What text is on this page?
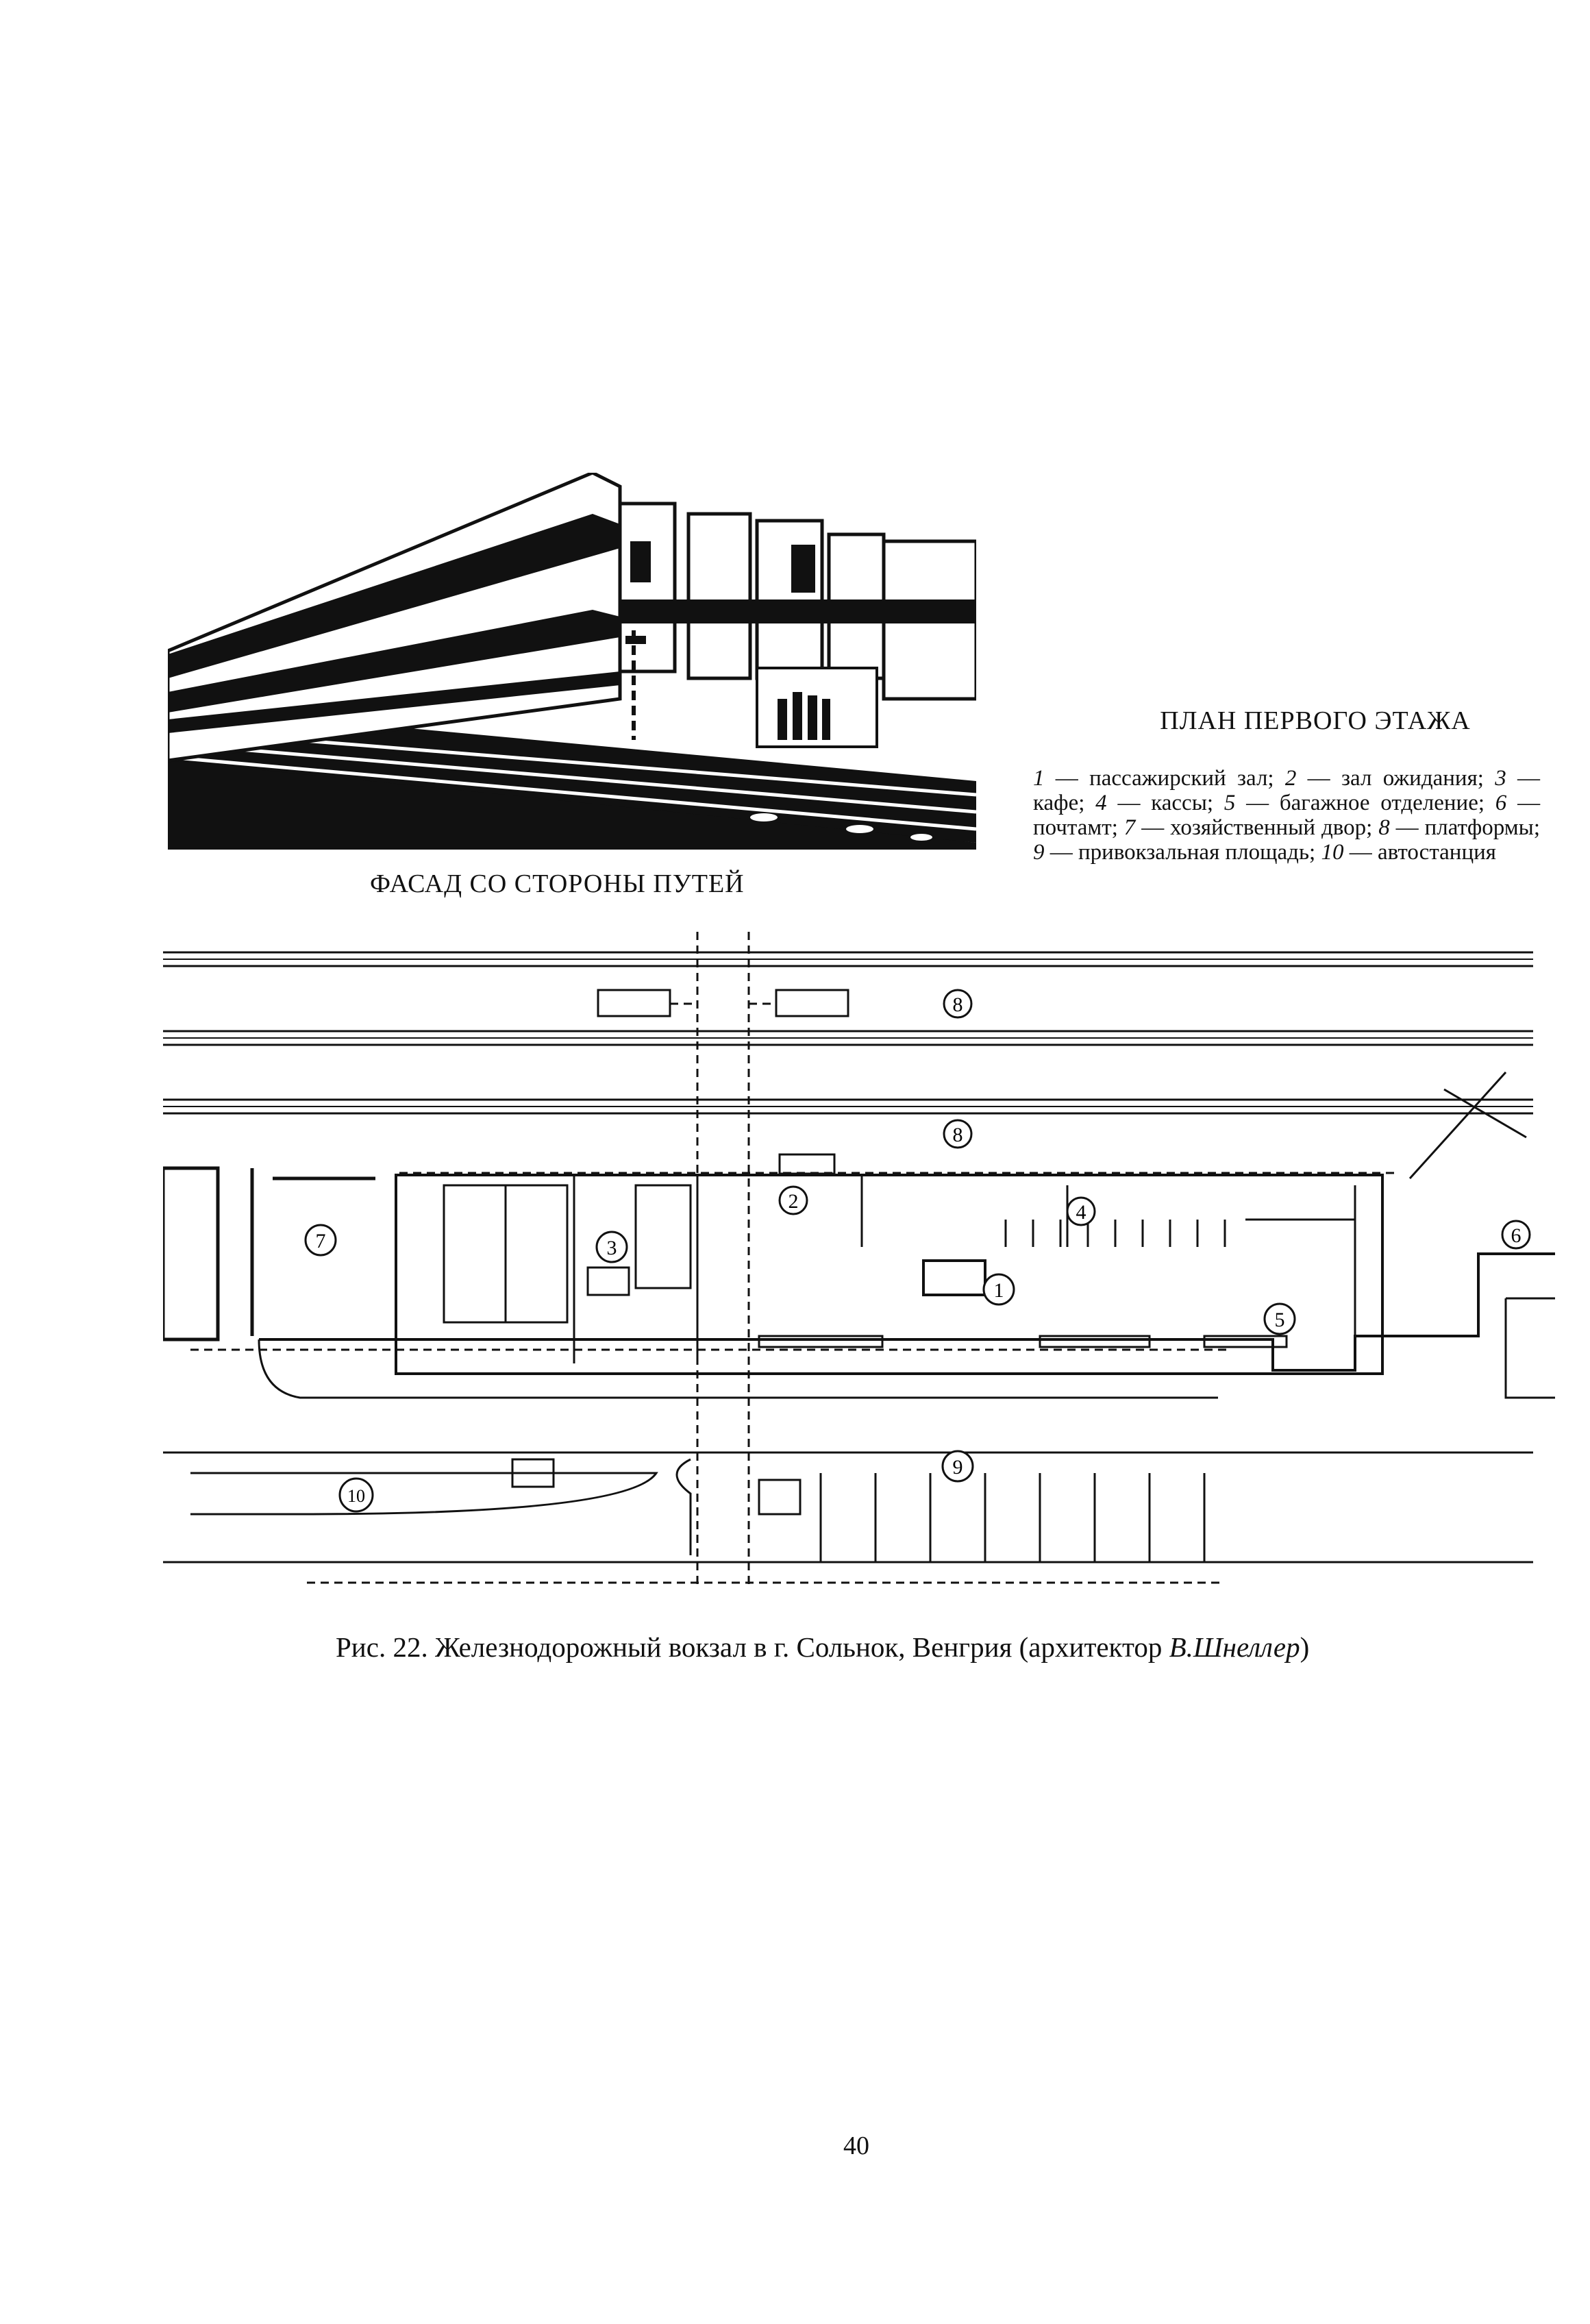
ФАСАД СО СТОРОНЫ ПУТЕЙ
ПЛАН ПЕРВОГО ЭТАЖА
1 — пассажирский зал; 2 — зал ожидания; 3 — кафе; 4 — кассы; 5 — багажное отделение; 6 — почтамт; 7 — хозяйственный двор; 8 — платформы; 9 — привокзальная площадь; 10 — автостанция
8
8
2	4
3
7
1
5
6
9
10
Рис. 22. Железнодорожный вокзал в г. Сольнок, Венгрия (архитектор В.Шнеллер)
40
